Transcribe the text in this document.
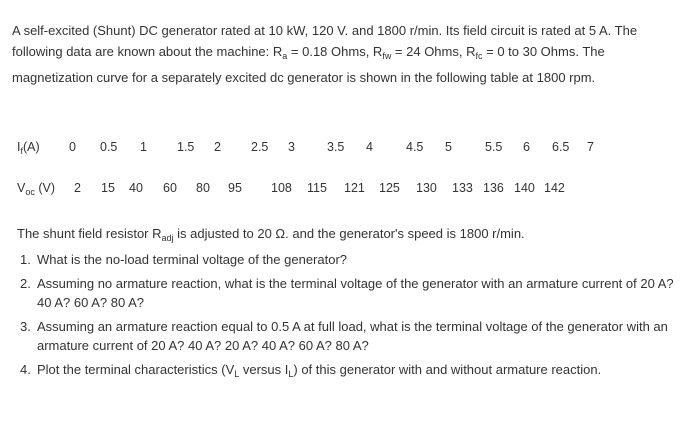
A self-excited (Shunt) DC generator rated at 10 kW, 120 V. and 1800 r/min. Its field circuit is rated at 5 A. The
following data are known about the machine: $R_a = 0.18$ Ohms, $R_{fw} = 24$ Ohms, $R_{fc} = 0$ to 30 Ohms. The
magnetization curve for a separately excited dc generator is shown in the following table at 1800 rpm.

$I_f(A)$ 0 0.5 1 1.5 2 2.5 3	3.5 4	4.5 5	5.5 6 6.5 7
$V_{oc}$ (V) 2 15 40 60 80 95 108 115 121 125 130 133 136 140 142

The shunt field resistor $R_{adj}$ is adjusted to 20 Ω. and the generator's speed is 1800 r/min.

1. What is the no-load terminal voltage of the generator?
2. Assuming no armature reaction, what is the terminal voltage of the generator with an armature current of 20 A? 40 A? 60 A? 80 A?
3. Assuming an armature reaction equal to 0.5 A at full load, what is the terminal voltage of the generator with an armature current of 20 A? 40 A? 20 A? 40 A? 60 A? 80 A?
4. Plot the terminal characteristics ($V_L$ versus $I_L$) of this generator with and without armature reaction.
